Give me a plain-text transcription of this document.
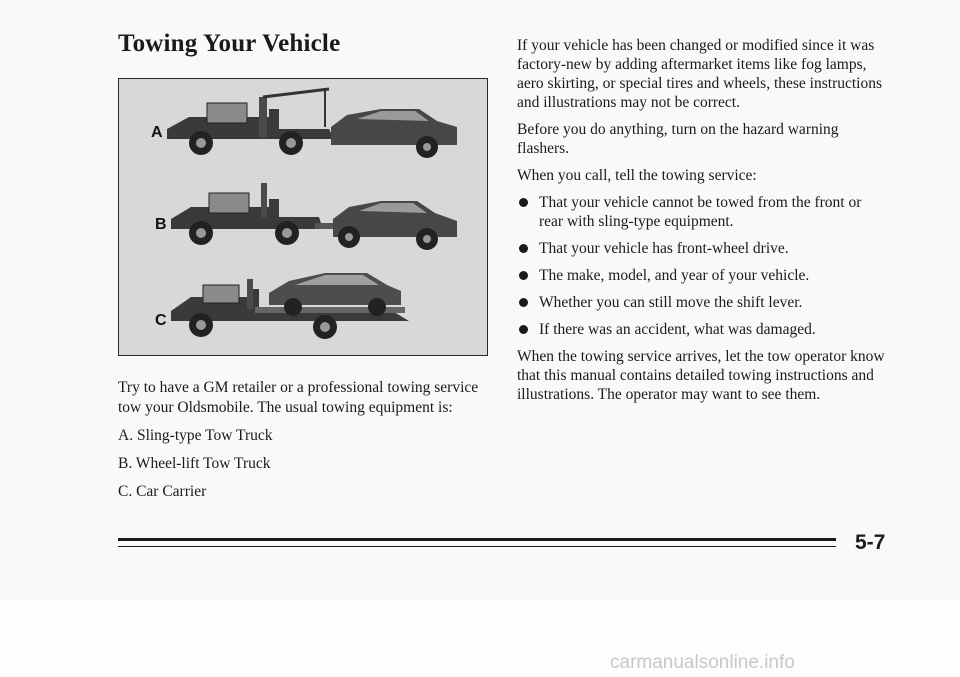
Towing Your Vehicle
A
B
C

Try to have a GM retailer or a professional towing service tow your Oldsmobile. The usual towing equipment is:

A. Sling-type Tow Truck
B. Wheel-lift Tow Truck
C. Car Carrier

If your vehicle has been changed or modified since it was factory-new by adding aftermarket items like fog lamps, aero skirting, or special tires and wheels, these instructions and illustrations may not be correct.

Before you do anything, turn on the hazard warning flashers.

When you call, tell the towing service:

That your vehicle cannot be towed from the front or rear with sling-type equipment.
That your vehicle has front-wheel drive.
The make, model, and year of your vehicle.
Whether you can still move the shift lever.
If there was an accident, what was damaged.

When the towing service arrives, let the tow operator know that this manual contains detailed towing instructions and illustrations. The operator may want to see them.

5-7
carmanualsonline.info
